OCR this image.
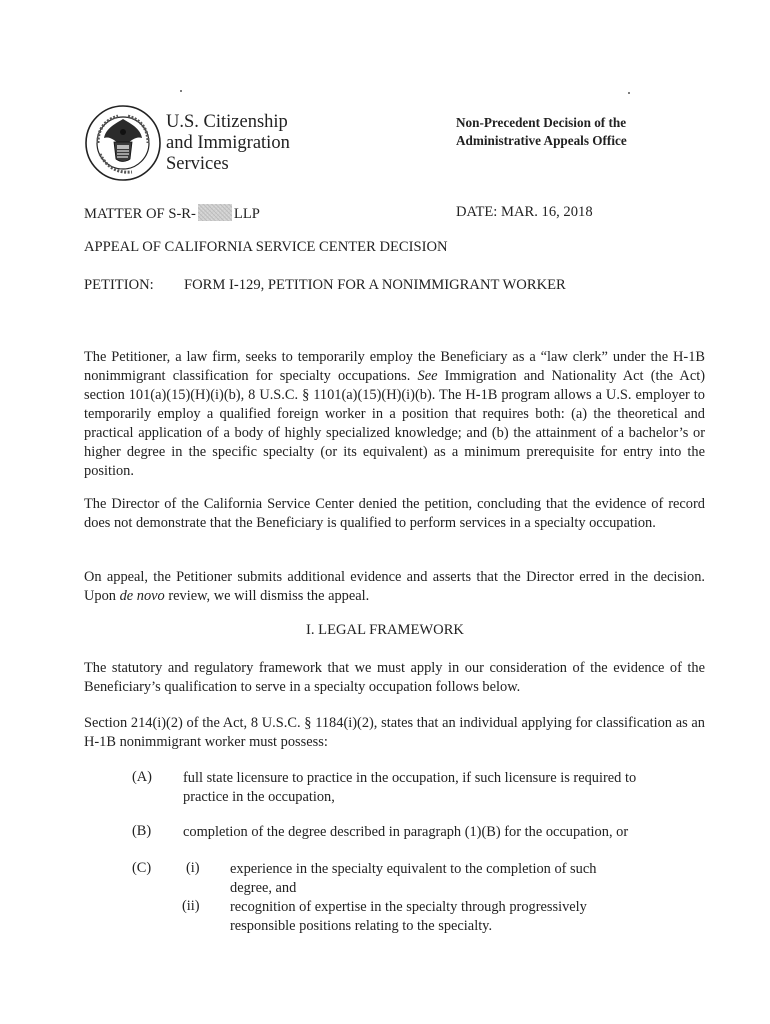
U.S. Citizenship
and Immigration
Services
Non-Precedent Decision of the
Administrative Appeals Office
MATTER OF S-R-	LLP	DATE: MAR. 16, 2018
APPEAL OF CALIFORNIA SERVICE CENTER DECISION
PETITION: FORM I-129, PETITION FOR A NONIMMIGRANT WORKER
The Petitioner, a law firm, seeks to temporarily employ the Beneficiary as a “law clerk” under the H-1B nonimmigrant classification for specialty occupations. See Immigration and Nationality Act (the Act) section 101(a)(15)(H)(i)(b), 8 U.S.C. § 1101(a)(15)(H)(i)(b). The H-1B program allows a U.S. employer to temporarily employ a qualified foreign worker in a position that requires both: (a) the theoretical and practical application of a body of highly specialized knowledge; and (b) the attainment of a bachelor’s or higher degree in the specific specialty (or its equivalent) as a minimum prerequisite for entry into the position.
The Director of the California Service Center denied the petition, concluding that the evidence of record does not demonstrate that the Beneficiary is qualified to perform services in a specialty occupation.
On appeal, the Petitioner submits additional evidence and asserts that the Director erred in the decision. Upon de novo review, we will dismiss the appeal.
I. LEGAL FRAMEWORK
The statutory and regulatory framework that we must apply in our consideration of the evidence of the Beneficiary’s qualification to serve in a specialty occupation follows below.
Section 214(i)(2) of the Act, 8 U.S.C. § 1184(i)(2), states that an individual applying for classification as an H-1B nonimmigrant worker must possess:
(A) full state licensure to practice in the occupation, if such licensure is required to practice in the occupation,
(B) completion of the degree described in paragraph (1)(B) for the occupation, or
(C) (i) experience in the specialty equivalent to the completion of such degree, and
(ii) recognition of expertise in the specialty through progressively responsible positions relating to the specialty.
